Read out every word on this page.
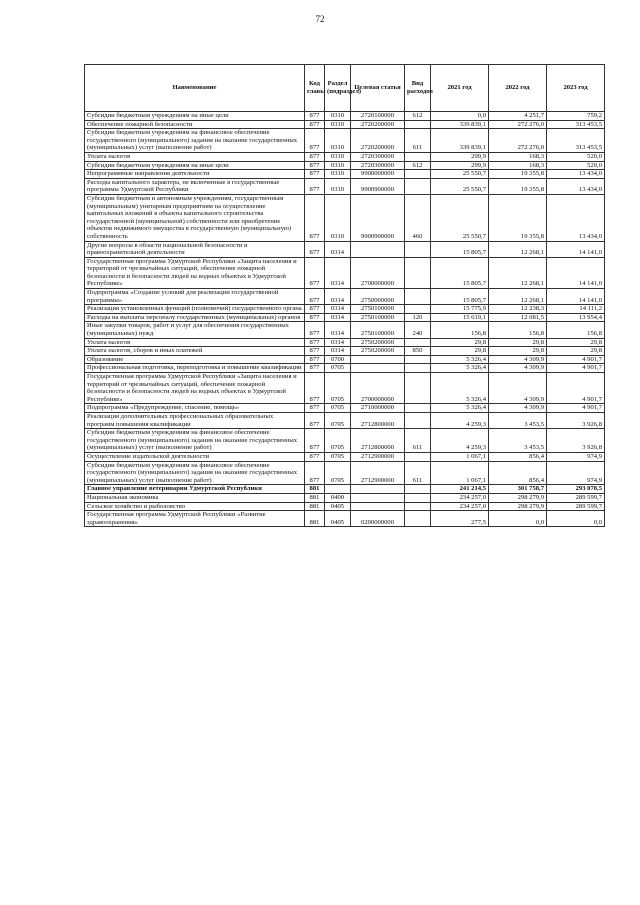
72
Наименование	Код главы	Раздел (подраздел)	Целевая статья	Вид расходов	2021 год	2022 год	2023 год
Субсидии бюджетным учреждениям на иные цели	877	0310	2720100000	612	0,0	4 251,7	759,2
Обеспечение пожарной безопасности	877	0310	2720200000		339 839,1	272 276,0	313 453,5
Субсидии бюджетным учреждениям на финансовое обеспечение государственного (муниципального) задания на оказание государственных (муниципальных) услуг (выполнение работ)	877	0310	2720200000	611	339 839,1	272 276,0	313 453,5
Уплата налогов	877	0310	2720300000		299,9	168,3	520,0
Субсидии бюджетным учреждениям на иные цели	877	0310	2720300000	612	299,9	168,3	520,0
Непрограммные направления деятельности	877	0310	9900000000		25 550,7	19 355,8	13 434,0
Расходы капитального характера, не включенные в государственные программы Удмуртской Республики	877	0310	9900900000		25 550,7	19 355,8	13 434,0
Субсидии бюджетным и автономным учреждениям, государственным (муниципальным) унитарным предприятиям на осуществление капитальных вложений в объекты капитального строительства государственной (муниципальной) собственности или приобретение объектов недвижимого имущества в государственную (муниципальную) собственность	877	0310	9900900000	460	25 550,7	19 355,8	13 434,0
Другие вопросы в области национальной безопасности и правоохранительной деятельности	877	0314			15 805,7	12 268,1	14 141,0
Государственная программа Удмуртской Республики «Защита населения и территорий от чрезвычайных ситуаций, обеспечение пожарной безопасности и безопасности людей на водных объектах в Удмуртской Республике»	877	0314	2700000000		15 805,7	12 268,1	14 141,0
Подпрограмма «Создание условий для реализации государственной программы»	877	0314	2750000000		15 805,7	12 268,1	14 141,0
Реализация установленных функций (полномочий) государственного органа	877	0314	2750100000		15 775,9	12 238,3	14 111,2
Расходы на выплаты персоналу государственных (муниципальных) органов	877	0314	2750100000	120	15 619,1	12 081,5	13 954,4
Иные закупки товаров, работ и услуг для обеспечения государственных (муниципальных) нужд	877	0314	2750100000	240	156,8	156,8	156,8
Уплата налогов	877	0314	2750200000		29,8	29,8	29,8
Уплата налогов, сборов и иных платежей	877	0314	2750200000	850	29,8	29,8	29,8
Образование	877	0700			5 326,4	4 309,9	4 901,7
Профессиональная подготовка, переподготовка и повышение квалификации	877	0705			5 326,4	4 309,9	4 901,7
Государственная программа Удмуртской Республики «Защита населения и территорий от чрезвычайных ситуаций, обеспечение пожарной безопасности и безопасности людей на водных объектах в Удмуртской Республике»	877	0705	2700000000		5 326,4	4 309,9	4 901,7
Подпрограмма «Предупреждение, спасение, помощь»	877	0705	2710000000		5 326,4	4 309,9	4 901,7
Реализация дополнительных профессиональных образовательных программ повышения квалификации	877	0705	2712800000		4 259,3	3 453,5	3 926,8
Субсидии бюджетным учреждениям на финансовое обеспечение государственного (муниципального) задания на оказание государственных (муниципальных) услуг (выполнение работ)	877	0705	2712800000	611	4 259,3	3 453,5	3 926,8
Осуществление издательской деятельности	877	0705	2712900000		1 067,1	856,4	974,9
Субсидии бюджетным учреждениям на финансовое обеспечение государственного (муниципального) задания на оказание государственных (муниципальных) услуг (выполнение работ)	877	0705	2712900000	611	1 067,1	856,4	974,9
Главное управление ветеринарии Удмуртской Республики	881				241 214,5	301 758,7	293 078,5
Национальная экономика	881	0400			234 257,0	298 279,9	289 599,7
Сельское хозяйство и рыболовство	881	0405			234 257,0	298 279,9	289 599,7
Государственная программа Удмуртской Республики «Развитие здравоохранения»	881	0405	0200000000		277,5	0,0	0,0
